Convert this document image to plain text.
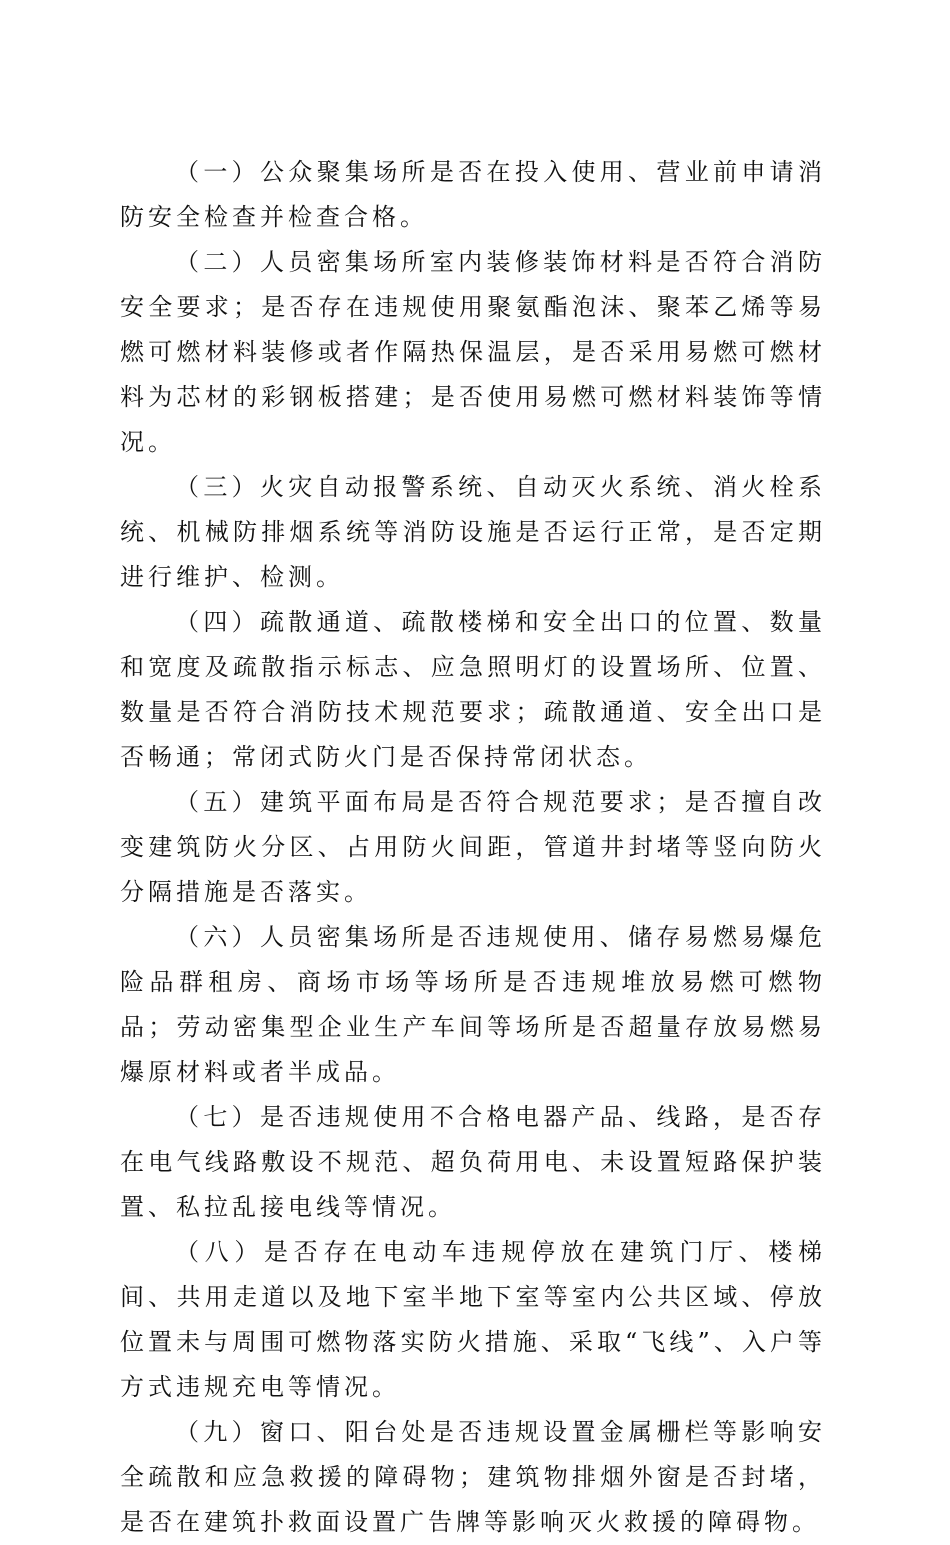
（一）公众聚集场所是否在投入使用、营业前申请消防安全检查并检查合格。

（二）人员密集场所室内装修装饰材料是否符合消防安全要求；是否存在违规使用聚氨酯泡沫、聚苯乙烯等易燃可燃材料装修或者作隔热保温层，是否采用易燃可燃材料为芯材的彩钢板搭建；是否使用易燃可燃材料装饰等情况。

（三）火灾自动报警系统、自动灭火系统、消火栓系统、机械防排烟系统等消防设施是否运行正常，是否定期进行维护、检测。

（四）疏散通道、疏散楼梯和安全出口的位置、数量和宽度及疏散指示标志、应急照明灯的设置场所、位置、数量是否符合消防技术规范要求；疏散通道、安全出口是否畅通；常闭式防火门是否保持常闭状态。

（五）建筑平面布局是否符合规范要求；是否擅自改变建筑防火分区、占用防火间距，管道井封堵等竖向防火分隔措施是否落实。

（六）人员密集场所是否违规使用、储存易燃易爆危险品群租房、商场市场等场所是否违规堆放易燃可燃物品；劳动密集型企业生产车间等场所是否超量存放易燃易爆原材料或者半成品。

（七）是否违规使用不合格电器产品、线路，是否存在电气线路敷设不规范、超负荷用电、未设置短路保护装置、私拉乱接电线等情况。

（八）是否存在电动车违规停放在建筑门厅、楼梯间、共用走道以及地下室半地下室等室内公共区域、停放位置未与周围可燃物落实防火措施、采取“飞线”、入户等方式违规充电等情况。

（九）窗口、阳台处是否违规设置金属栅栏等影响安全疏散和应急救援的障碍物；建筑物排烟外窗是否封堵，是否在建筑扑救面设置广告牌等影响灭火救援的障碍物。
